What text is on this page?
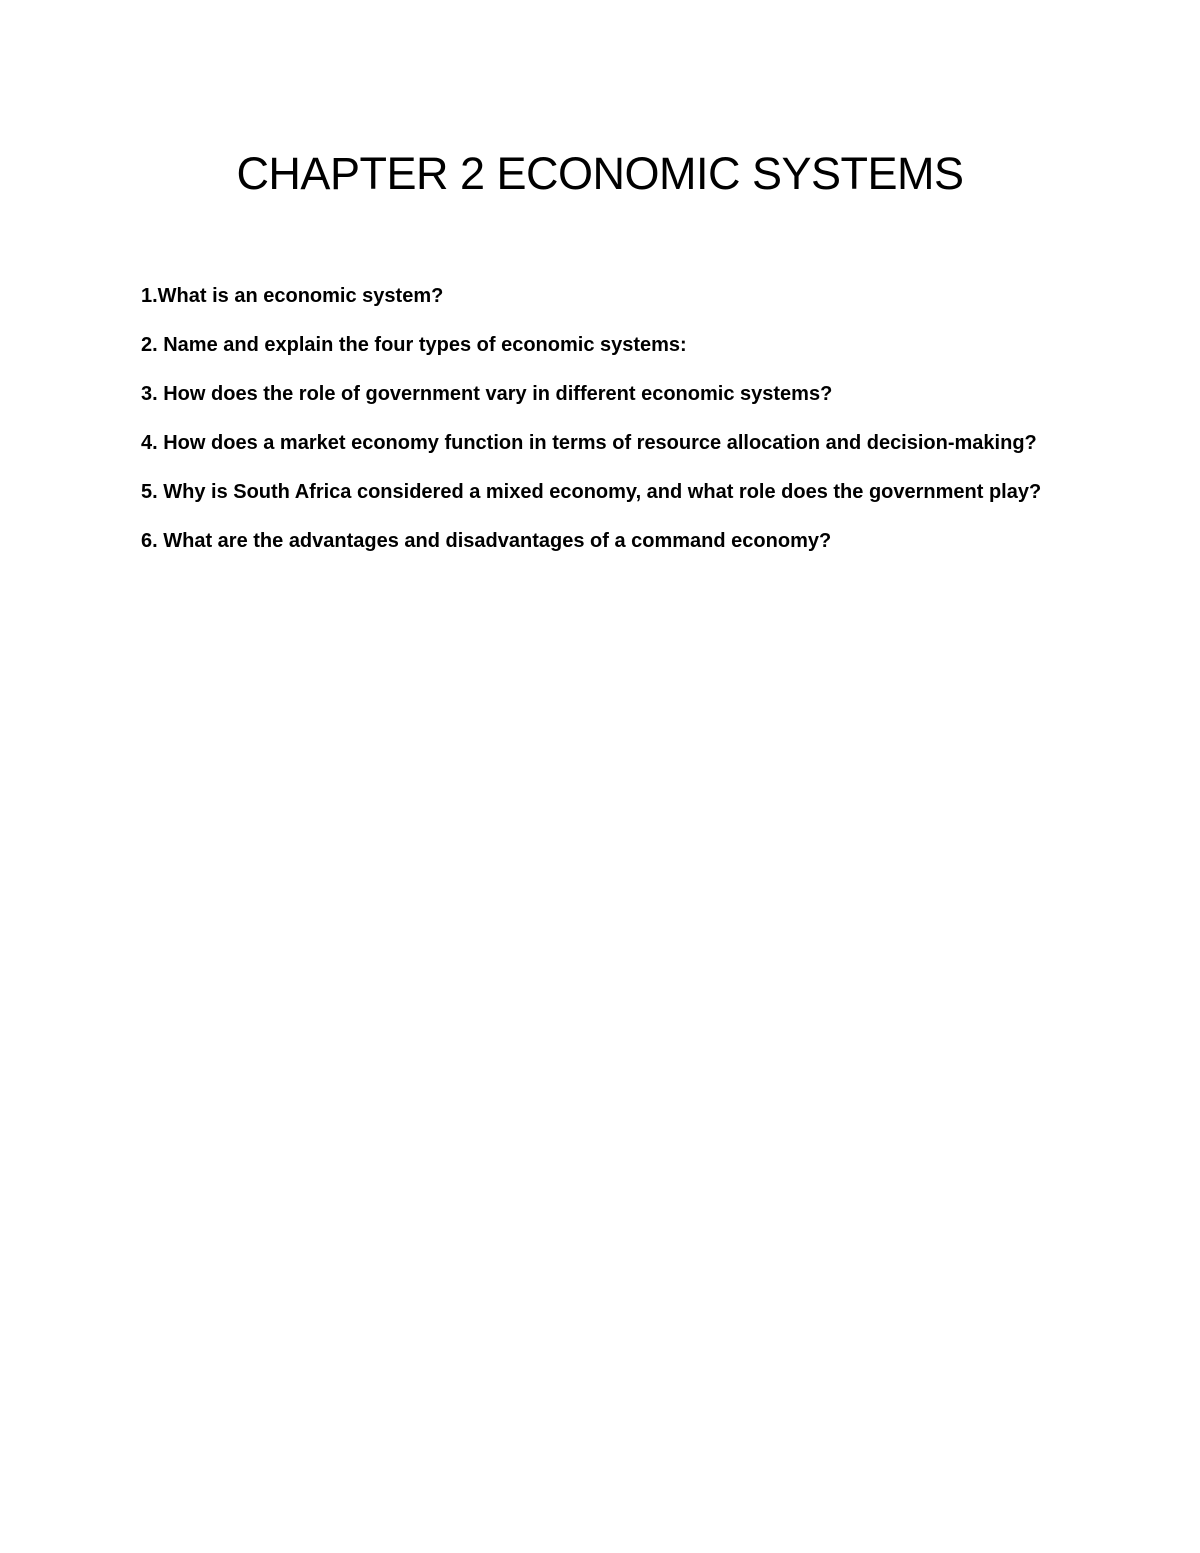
CHAPTER 2 ECONOMIC SYSTEMS
1.What is an economic system?
2. Name and explain the four types of economic systems:
3. How does the role of government vary in different economic systems?
4. How does a market economy function in terms of resource allocation and decision-making?
5. Why is South Africa considered a mixed economy, and what role does the government play?
6. What are the advantages and disadvantages of a command economy?
